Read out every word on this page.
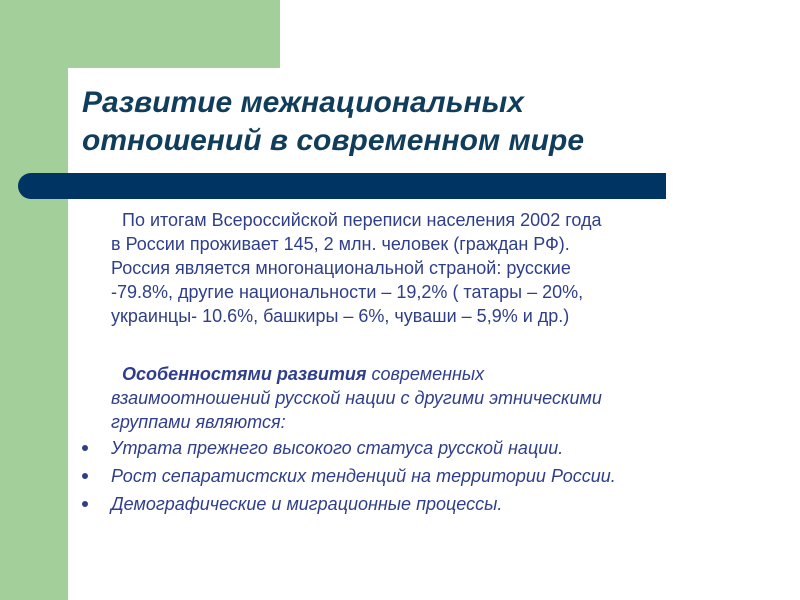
Развитие межнациональных
отношений в современном мире

По итогам Всероссийской переписи населения 2002 года
в России проживает 145, 2 млн. человек (граждан РФ).
Россия является многонациональной страной: русские
-79.8%, другие национальности – 19,2% ( татары – 20%,
украинцы- 10.6%, башкиры – 6%, чуваши – 5,9% и др.)

Особенностями развития современных
взаимоотношений русской нации с другими этническими
группами являются:

Утрата прежнего высокого статуса русской нации.
Рост сепаратистских тенденций на территории России.
Демографические и миграционные процессы.
